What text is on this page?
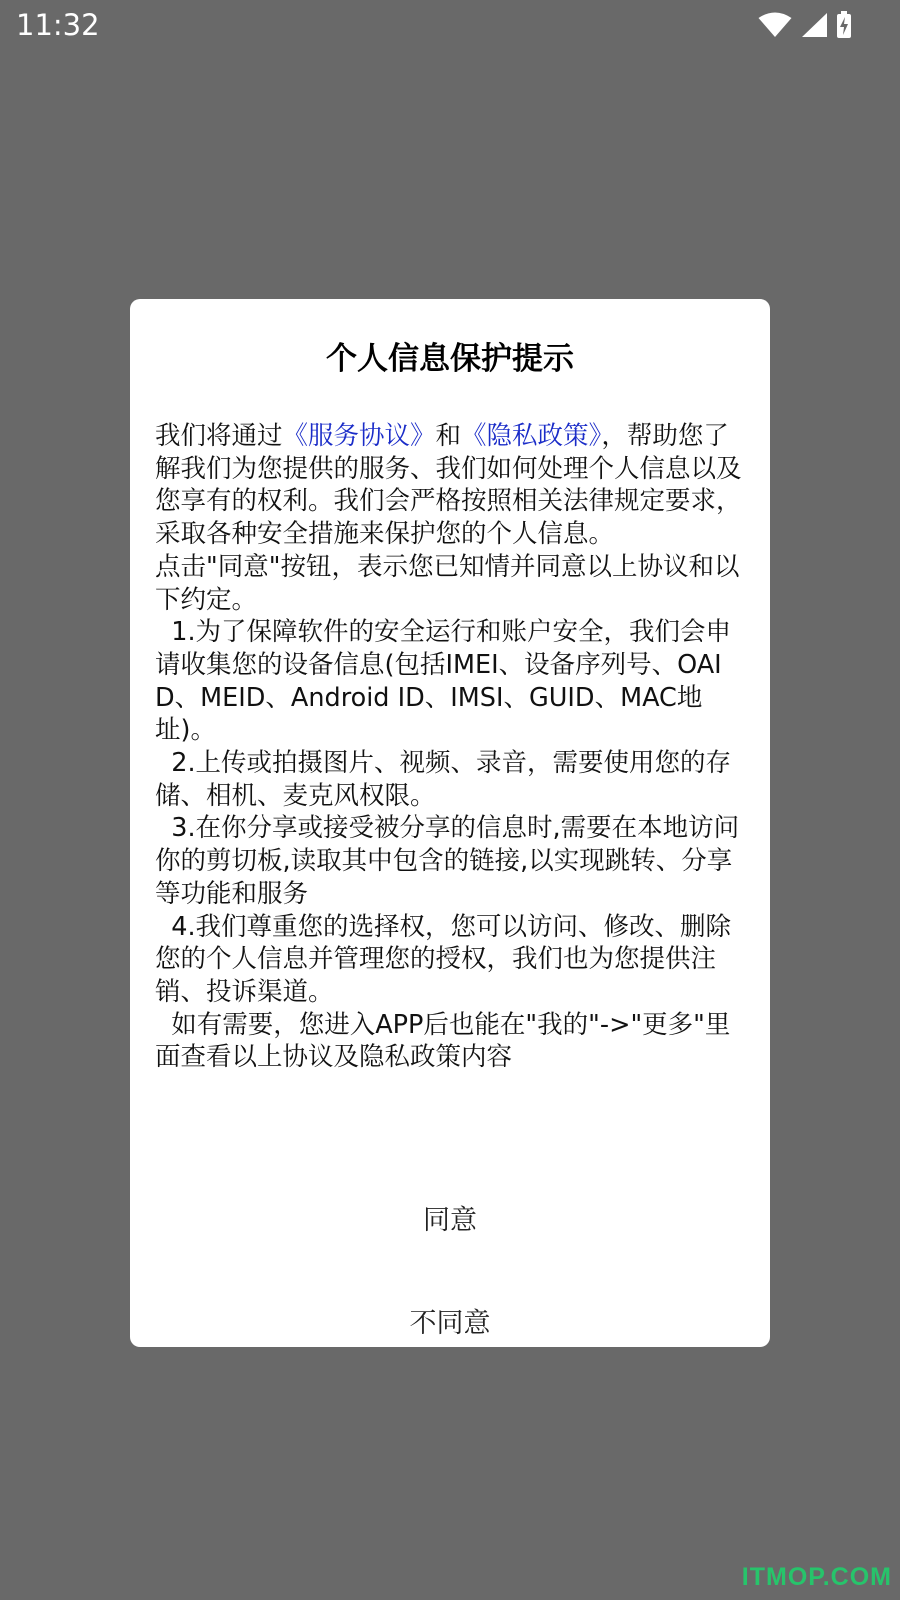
11:32
个人信息保护提示
我们将通过《服务协议》和《隐私政策》，帮助您了解我们为您提供的服务、我们如何处理个人信息以及您享有的权利。我们会严格按照相关法律规定要求，采取各种安全措施来保护您的个人信息。
点击"同意"按钮，表示您已知情并同意以上协议和以下约定。
1.为了保障软件的安全运行和账户安全，我们会申请收集您的设备信息(包括IMEI、设备序列号、OAID、MEID、Android ID、IMSI、GUID、MAC地址)。
2.上传或拍摄图片、视频、录音，需要使用您的存储、相机、麦克风权限。
3.在你分享或接受被分享的信息时,需要在本地访问你的剪切板,读取其中包含的链接,以实现跳转、分享等功能和服务
4.我们尊重您的选择权，您可以访问、修改、删除您的个人信息并管理您的授权，我们也为您提供注销、投诉渠道。
如有需要，您进入APP后也能在"我的"->"更多"里面查看以上协议及隐私政策内容
同意
不同意
ITMOP.COM
